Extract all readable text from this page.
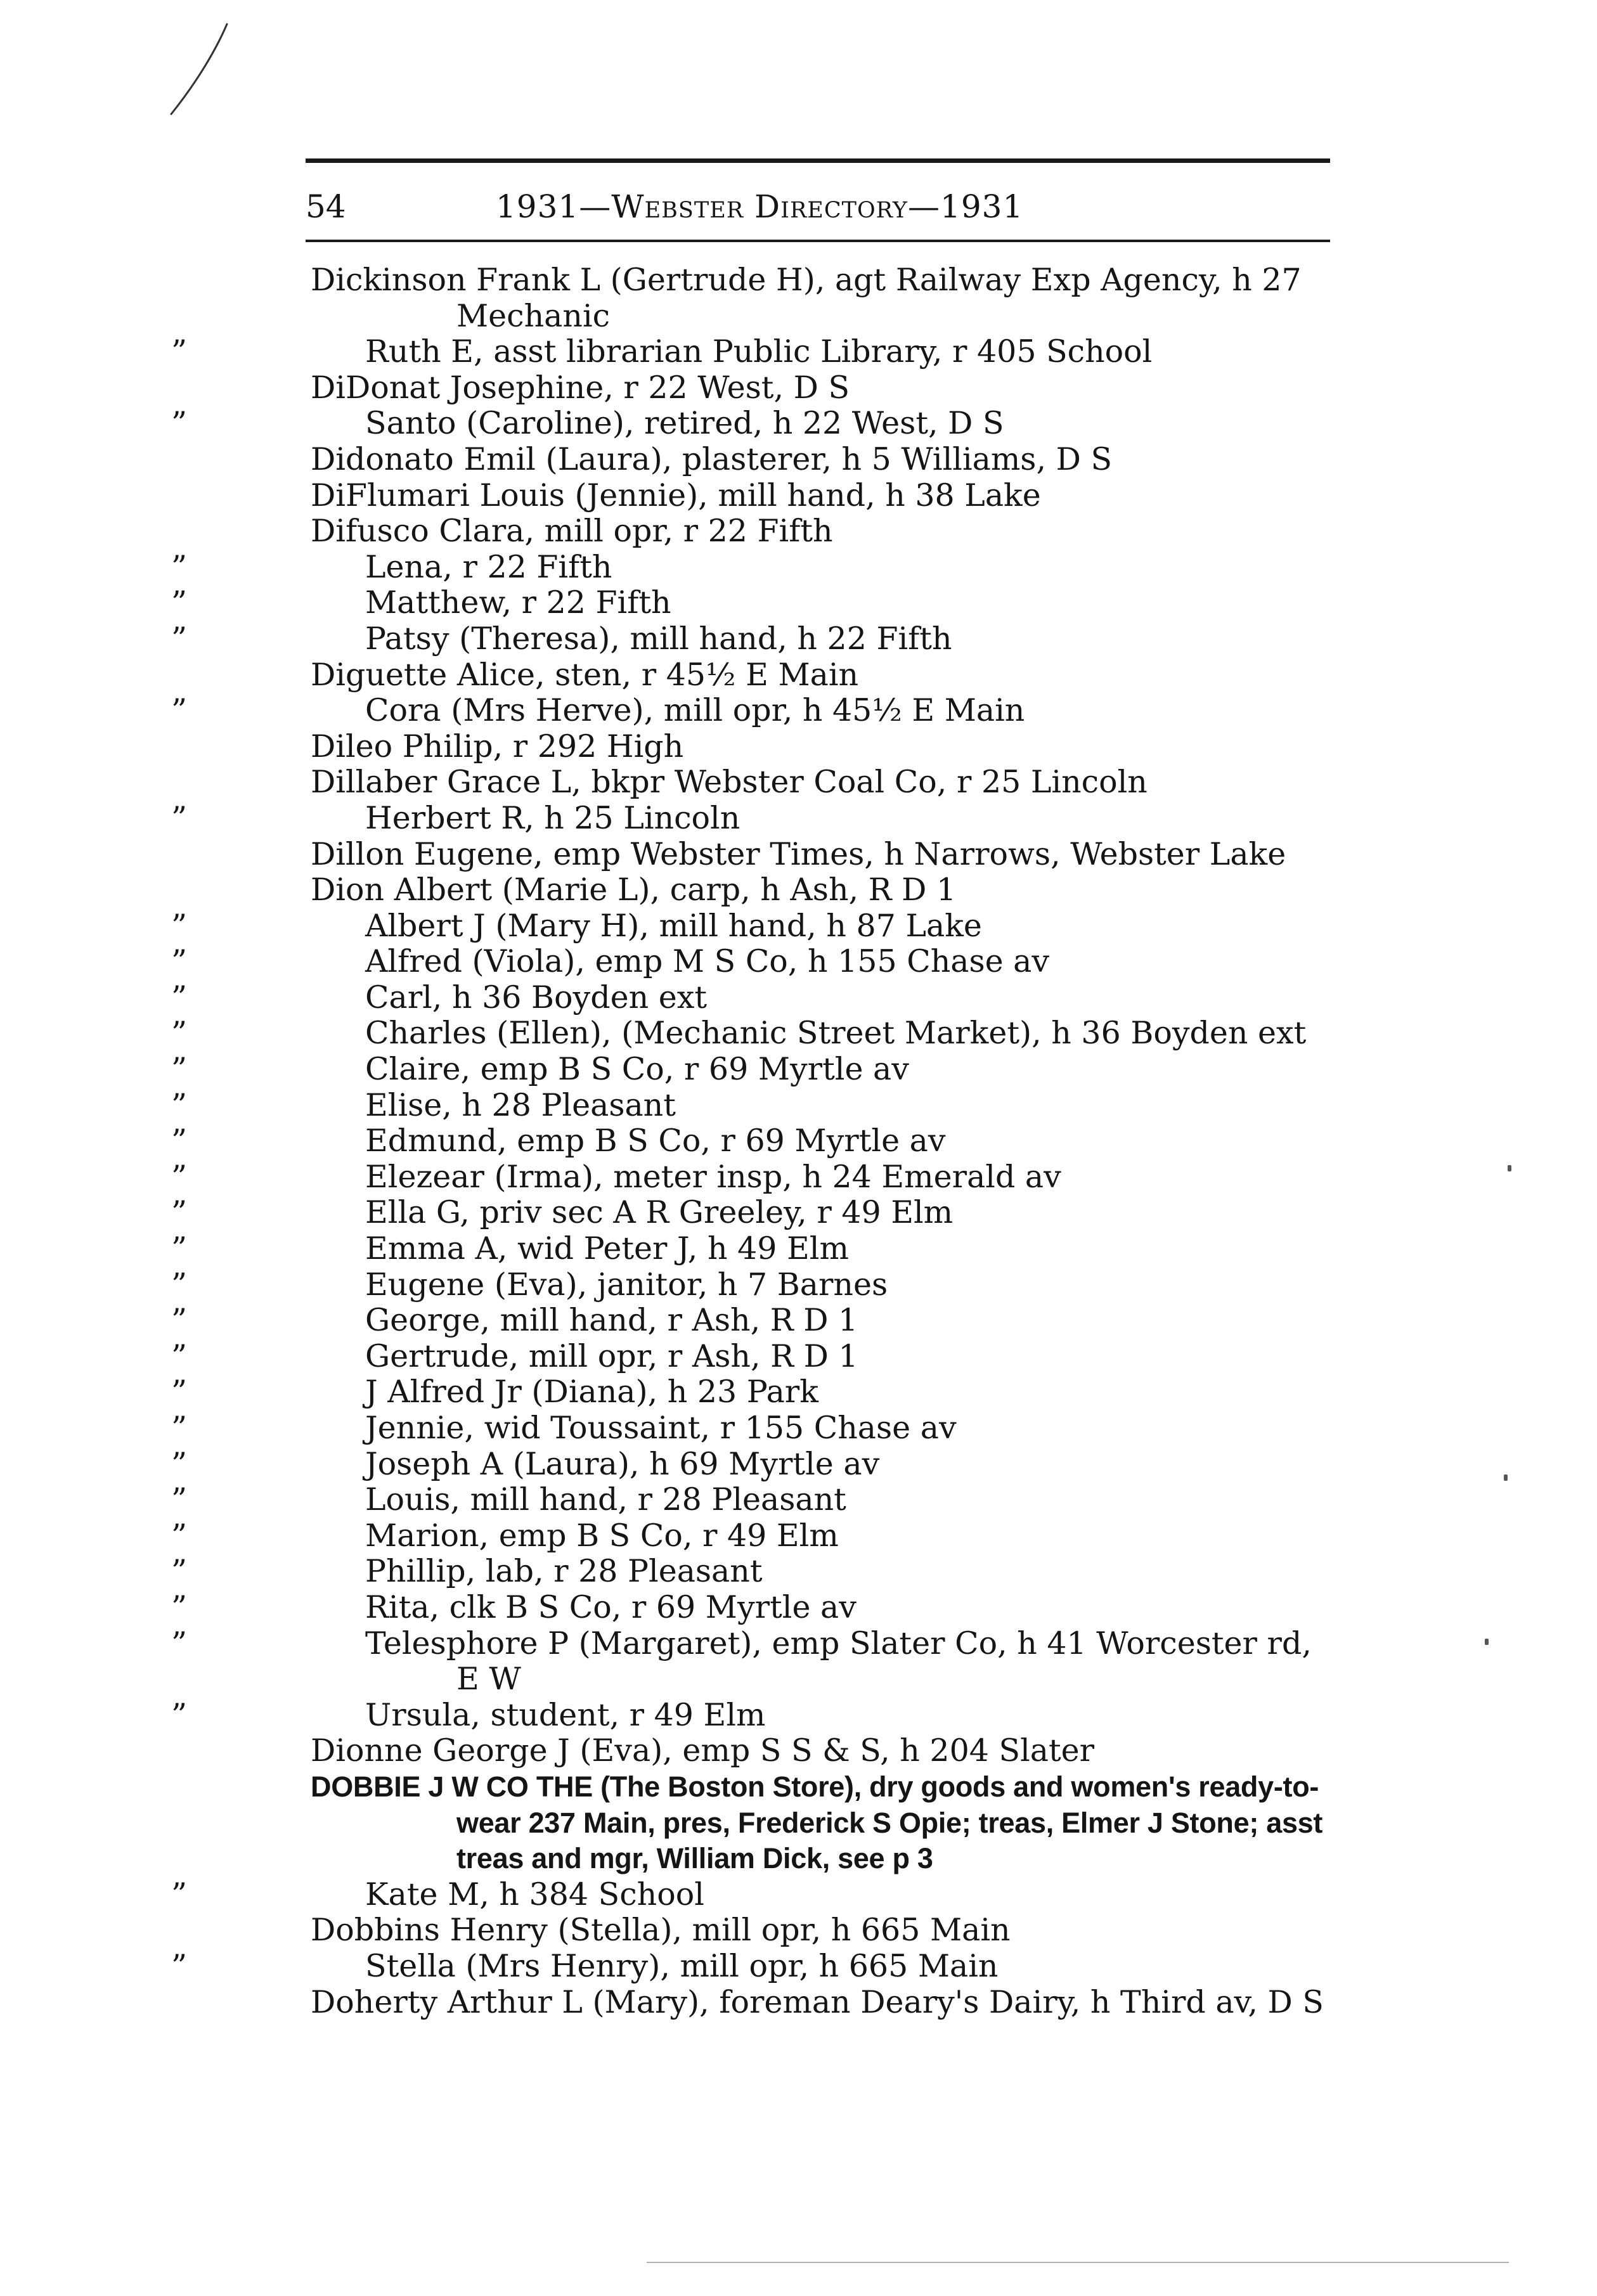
54	1931—Webster Directory—1931
Dickinson Frank L (Gertrude H), agt Railway Exp Agency, h 27 Mechanic
”	Ruth E, asst librarian Public Library, r 405 School
DiDonat Josephine, r 22 West, D S
”	Santo (Caroline), retired, h 22 West, D S
Didonato Emil (Laura), plasterer, h 5 Williams, D S
DiFlumari Louis (Jennie), mill hand, h 38 Lake
Difusco Clara, mill opr, r 22 Fifth
”	Lena, r 22 Fifth
”	Matthew, r 22 Fifth
”	Patsy (Theresa), mill hand, h 22 Fifth
Diguette Alice, sten, r 45½ E Main
”	Cora (Mrs Herve), mill opr, h 45½ E Main
Dileo Philip, r 292 High
Dillaber Grace L, bkpr Webster Coal Co, r 25 Lincoln
”	Herbert R, h 25 Lincoln
Dillon Eugene, emp Webster Times, h Narrows, Webster Lake
Dion Albert (Marie L), carp, h Ash, R D 1
”	Albert J (Mary H), mill hand, h 87 Lake
”	Alfred (Viola), emp M S Co, h 155 Chase av
”	Carl, h 36 Boyden ext
”	Charles (Ellen), (Mechanic Street Market), h 36 Boyden ext
”	Claire, emp B S Co, r 69 Myrtle av
”	Elise, h 28 Pleasant
”	Edmund, emp B S Co, r 69 Myrtle av
”	Elezear (Irma), meter insp, h 24 Emerald av
”	Ella G, priv sec A R Greeley, r 49 Elm
”	Emma A, wid Peter J, h 49 Elm
”	Eugene (Eva), janitor, h 7 Barnes
”	George, mill hand, r Ash, R D 1
”	Gertrude, mill opr, r Ash, R D 1
”	J Alfred Jr (Diana), h 23 Park
”	Jennie, wid Toussaint, r 155 Chase av
”	Joseph A (Laura), h 69 Myrtle av
”	Louis, mill hand, r 28 Pleasant
”	Marion, emp B S Co, r 49 Elm
”	Phillip, lab, r 28 Pleasant
”	Rita, clk B S Co, r 69 Myrtle av
”	Telesphore P (Margaret), emp Slater Co, h 41 Worcester rd, E W
”	Ursula, student, r 49 Elm
Dionne George J (Eva), emp S S & S, h 204 Slater
DOBBIE J W CO THE (The Boston Store), dry goods and women's ready-to-wear 237 Main, pres, Frederick S Opie; treas, Elmer J Stone; asst treas and mgr, William Dick, see p 3
”	Kate M, h 384 School
Dobbins Henry (Stella), mill opr, h 665 Main
”	Stella (Mrs Henry), mill opr, h 665 Main
Doherty Arthur L (Mary), foreman Deary's Dairy, h Third av, D S
